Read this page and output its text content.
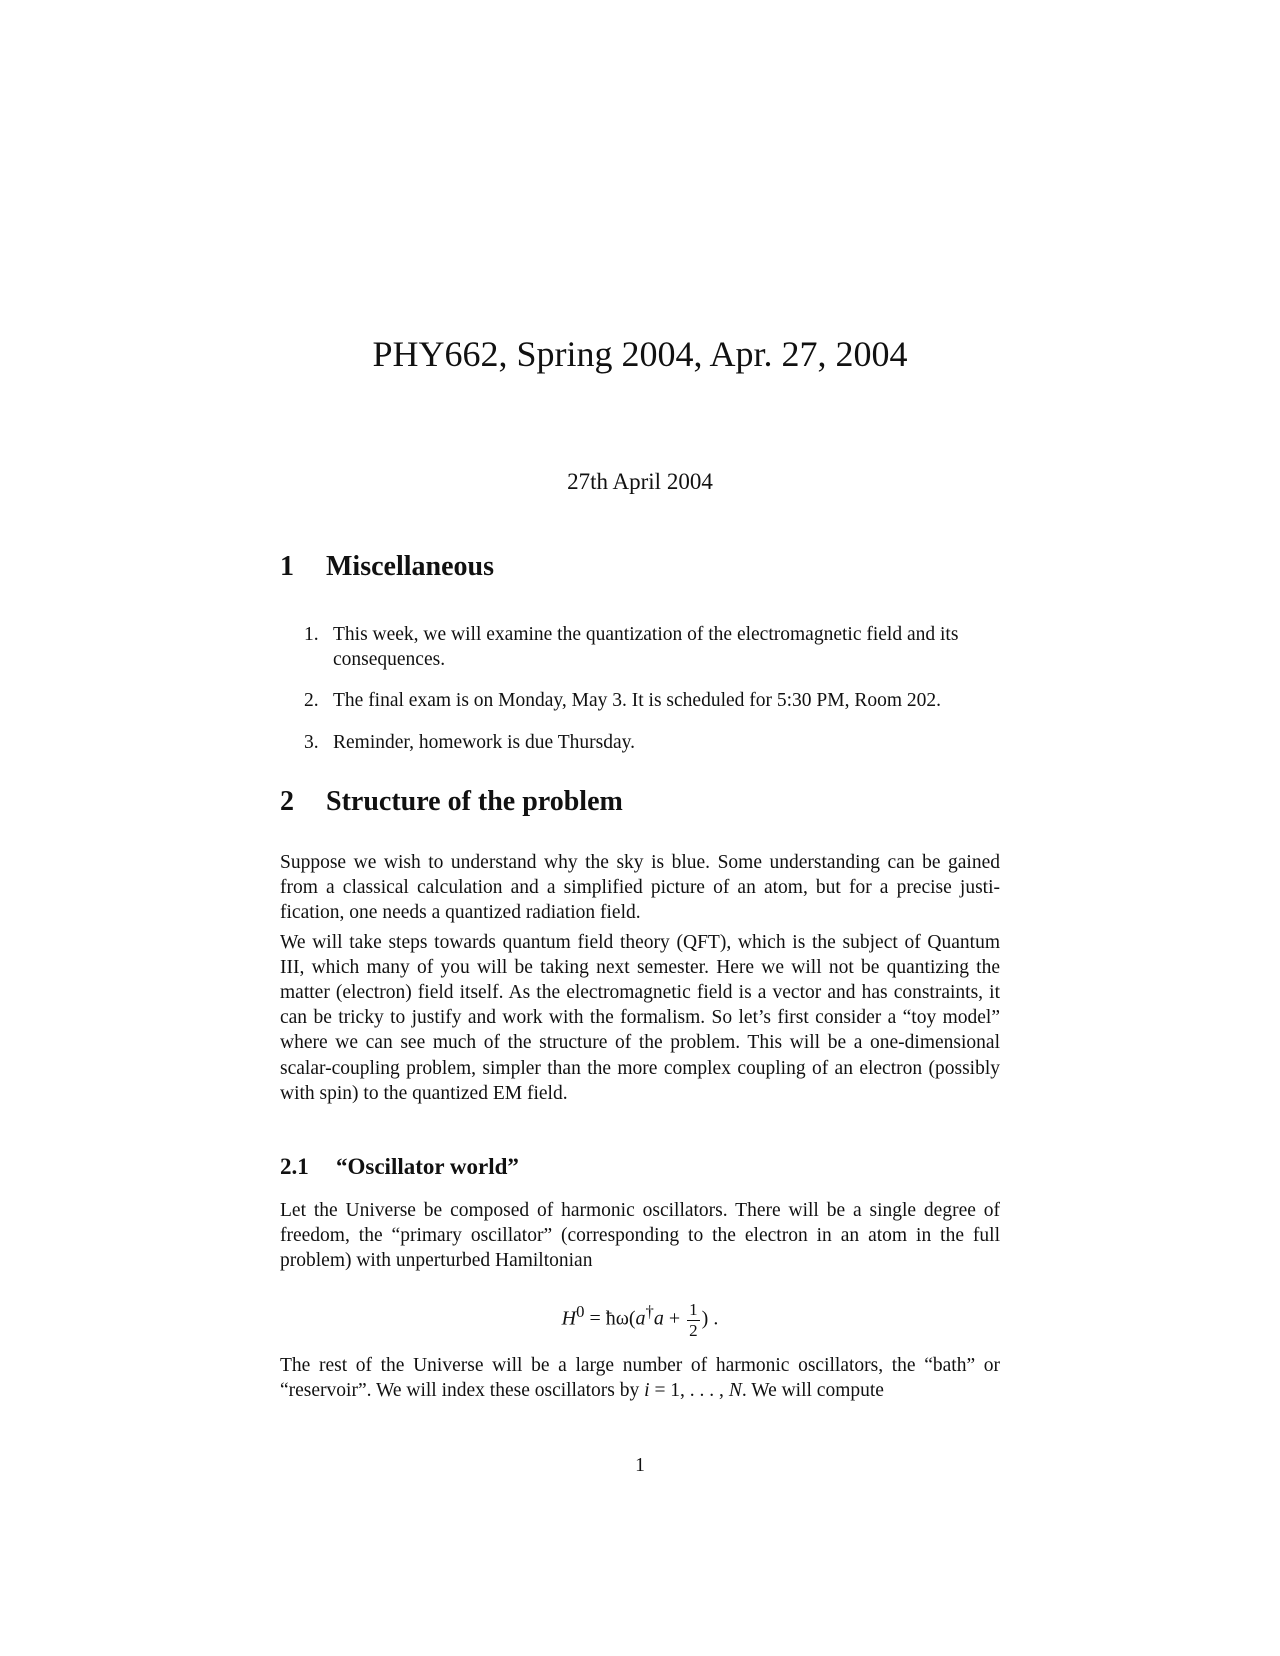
PHY662, Spring 2004, Apr. 27, 2004
27th April 2004
1 Miscellaneous
1. This week, we will examine the quantization of the electromagnetic field and its consequences.
2. The final exam is on Monday, May 3. It is scheduled for 5:30 PM, Room 202.
3. Reminder, homework is due Thursday.
2 Structure of the problem

Suppose we wish to understand why the sky is blue. Some understanding can be gained from a classical calculation and a simplified picture of an atom, but for a precise justification, one needs a quantized radiation field.

We will take steps towards quantum field theory (QFT), which is the subject of Quantum III, which many of you will be taking next semester. Here we will not be quantizing the matter (electron) field itself. As the electromagnetic field is a vector and has constraints, it can be tricky to justify and work with the formalism. So let’s first consider a “toy model” where we can see much of the structure of the problem. This will be a one-dimensional scalar-coupling problem, simpler than the more complex coupling of an electron (possibly with spin) to the quantized EM field.

2.1 “Oscillator world”

Let the Universe be composed of harmonic oscillators. There will be a single degree of freedom, the “primary oscillator” (corresponding to the electron in an atom in the full problem) with unperturbed Hamiltonian

$H^0$ = ħω(a†a + $\frac{1}{2}$ ) .

The rest of the Universe will be a large number of harmonic oscillators, the “bath” or “reservoir”. We will index these oscillators by i = 1, . . . , N. We will compute

1
